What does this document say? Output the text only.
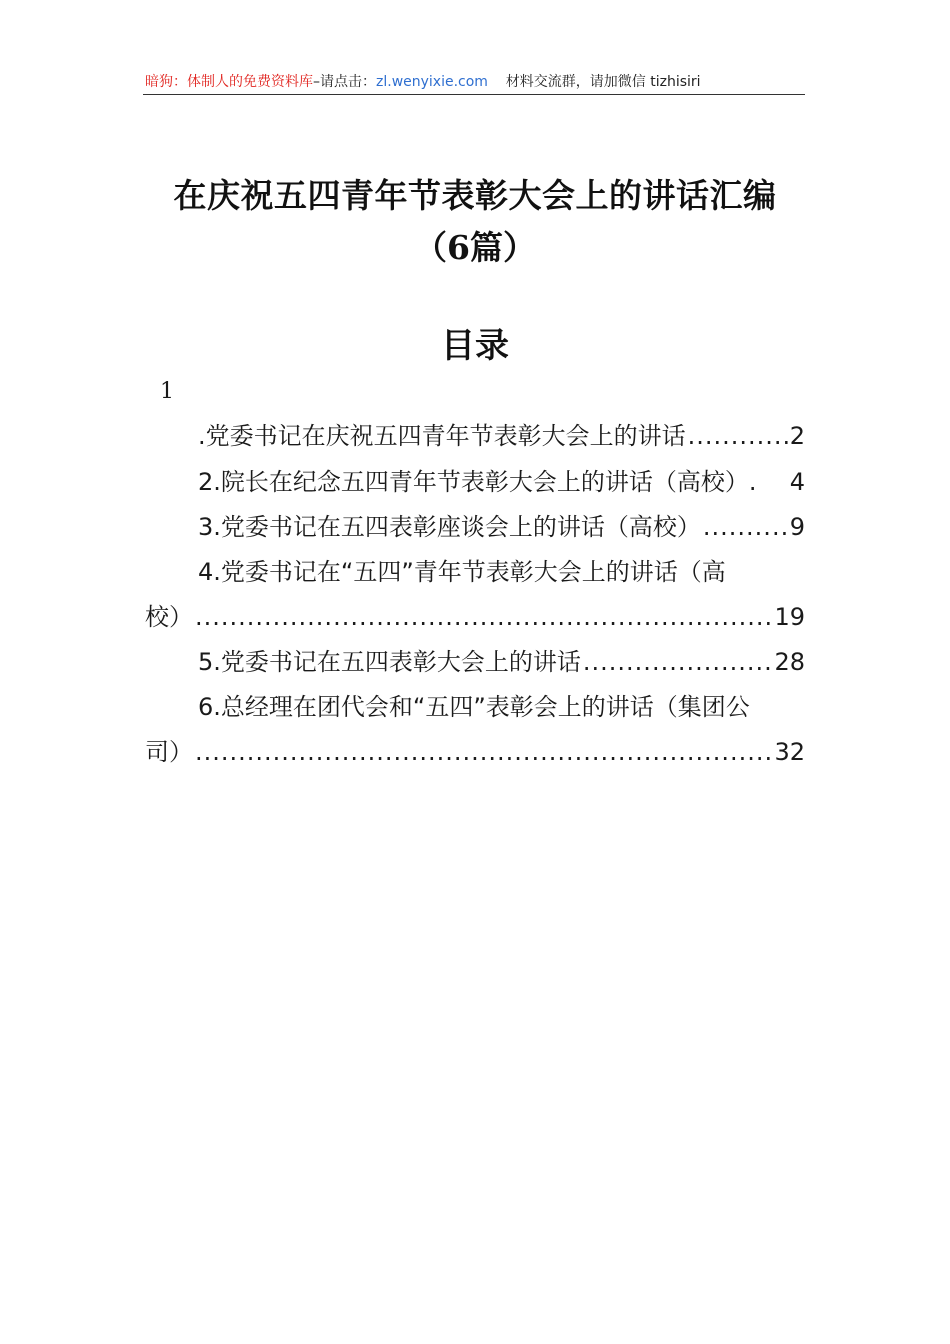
暗狗：体制人的免费资料库–请点击：zl.wenyixie.com 材料交流群，请加微信 tizhisiri
在庆祝五四青年节表彰大会上的讲话汇编
（6篇）
目录
1
.党委书记在庆祝五四青年节表彰大会上的讲话 .....	2
2.院长在纪念五四青年节表彰大会上的讲话（高校）. 4
3.党委书记在五四表彰座谈会上的讲话（高校） .....	9
4.党委书记在“五四”青年节表彰大会上的讲话（高
校） .....	19
5.党委书记在五四表彰大会上的讲话 .....	28
6.总经理在团代会和“五四”表彰会上的讲话（集团公
司） .....	32
